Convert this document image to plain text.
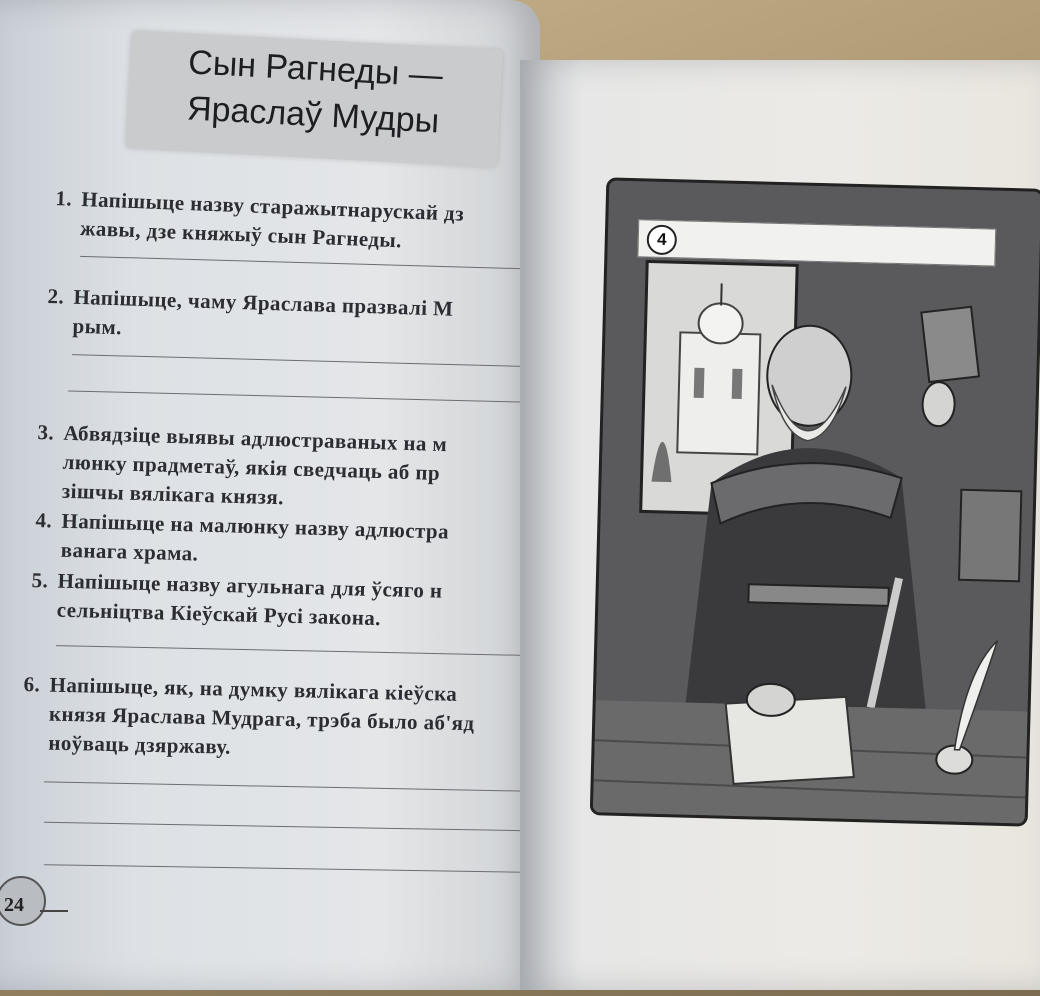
Сын Рагнеды —
Яраслаў Мудры
1. Напішыце назву старажытнарускай дз
жавы, дзе княжыў сын Рагнеды.
2. Напішыце, чаму Яраслава празвалі М
рым.
3. Абвядзіце выявы адлюстраваных на м
люнку прадметаў, якія сведчаць аб пр
зішчы вялікага князя.
4. Напішыце на малюнку назву адлюстра
ванага храма.
5. Напішыце назву агульнага для ўсяго н
сельніцтва Кіеўскай Русі закона.
6. Напішыце, як, на думку вялікага кіеўска
князя Яраслава Мудрага, трэба было аб'яд
ноўваць дзяржаву.
24
4
